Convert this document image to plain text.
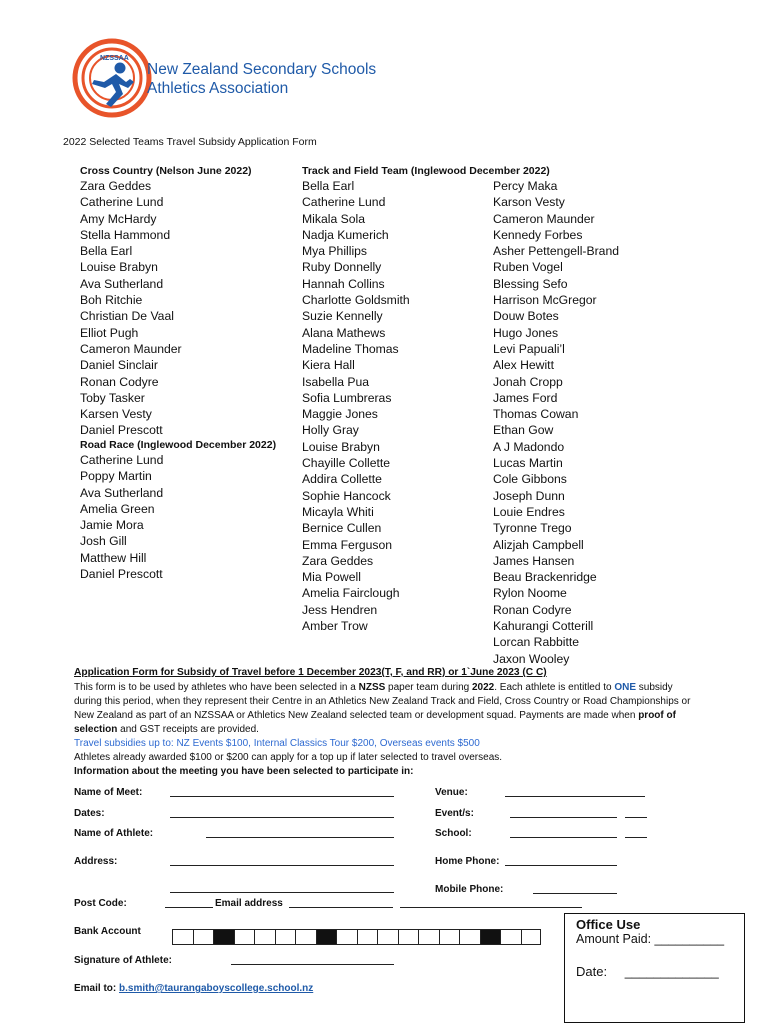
NZSSAA
New Zealand Secondary Schools
Athletics Association
2022 Selected Teams Travel Subsidy Application Form
Cross Country (Nelson June 2022)
Zara Geddes
Catherine Lund
Amy McHardy
Stella Hammond
Bella Earl
Louise Brabyn
Ava Sutherland
Boh Ritchie
Christian De Vaal
Elliot Pugh
Cameron Maunder
Daniel Sinclair
Ronan Codyre
Toby Tasker
Karsen Vesty
Daniel Prescott
Road Race (Inglewood December 2022)
Catherine Lund
Poppy Martin
Ava Sutherland
Amelia Green
Jamie Mora
Josh Gill
Matthew Hill
Daniel Prescott
Track and Field Team (Inglewood December 2022)
Bella Earl
Catherine Lund
Mikala Sola
Nadja Kumerich
Mya Phillips
Ruby Donnelly
Hannah Collins
Charlotte Goldsmith
Suzie Kennelly
Alana Mathews
Madeline Thomas
Kiera Hall
Isabella Pua
Sofia Lumbreras
Maggie Jones
Holly Gray
Louise Brabyn
Chayille Collette
Addira Collette
Sophie Hancock
Micayla Whiti
Bernice Cullen
Emma Ferguson
Zara Geddes
Mia Powell
Amelia Fairclough
Jess Hendren
Amber Trow
Percy Maka
Karson Vesty
Cameron Maunder
Kennedy Forbes
Asher Pettengell-Brand
Ruben Vogel
Blessing Sefo
Harrison McGregor
Douw Botes
Hugo Jones
Levi Papuali’l
Alex Hewitt
Jonah Cropp
James Ford
Thomas Cowan
Ethan Gow
A J Madondo
Lucas Martin
Cole Gibbons
Joseph Dunn
Louie Endres
Tyronne Trego
Alizjah Campbell
James Hansen
Beau Brackenridge
Rylon Noome
Ronan Codyre
Kahurangi Cotterill
Lorcan Rabbitte
Jaxon Wooley
Application Form for Subsidy of Travel before 1 December 2023(T, F, and RR) or 1`June 2023 (C C)
This form is to be used by athletes who have been selected in a NZSS paper team during 2022. Each athlete is entitled to ONE subsidy during this period, when they represent their Centre in an Athletics New Zealand Track and Field, Cross Country or Road Championships or New Zealand as part of an NZSSAA or Athletics New Zealand selected team or development squad. Payments are made when proof of selection and GST receipts are provided.
Travel subsidies up to: NZ Events $100, Internal Classics Tour $200, Overseas events $500
Athletes already awarded $100 or $200 can apply for a top up if later selected to travel overseas.
Information about the meeting you have been selected to participate in:
Name of Meet:	Venue:
Dates:	Event/s:
Name of Athlete:	School:
Address:	Home Phone:
Mobile Phone:
Post Code:	Email address
Bank Account
Signature of Athlete:
Email to: b.smith@taurangaboyscollege.school.nz
Office Use
Amount Paid: __________
Date: _____________
